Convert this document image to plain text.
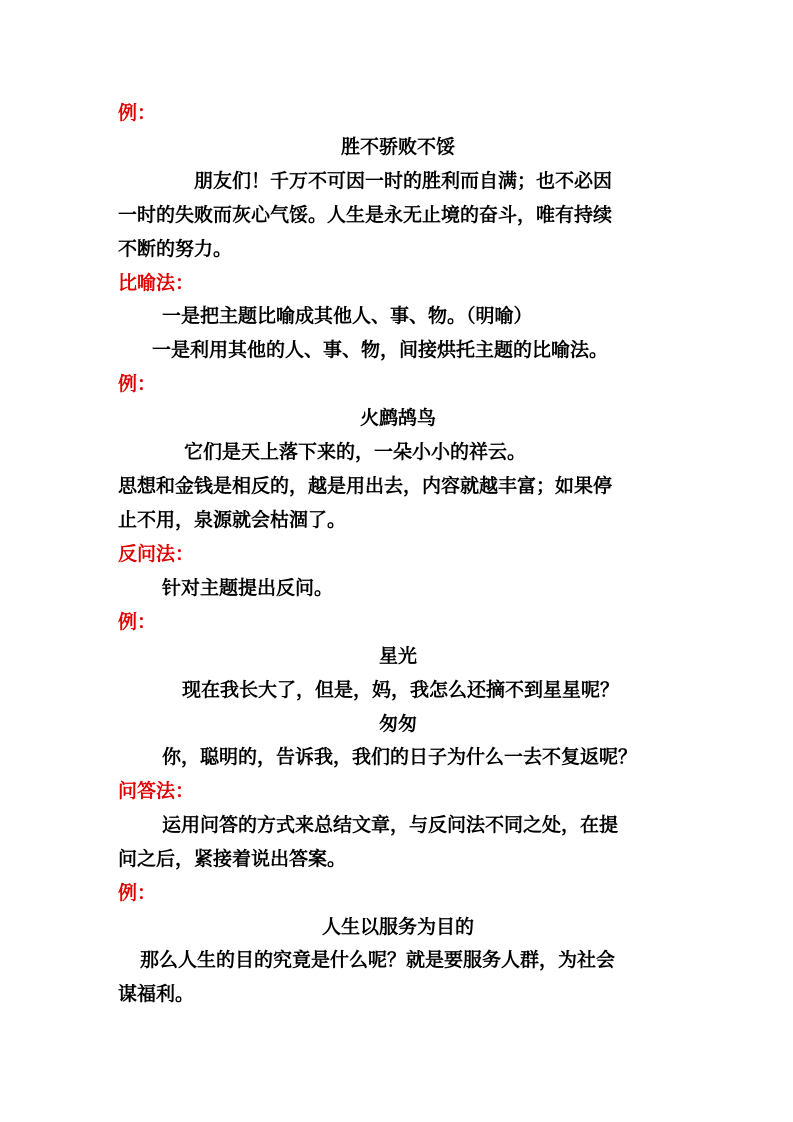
例：
胜不骄败不馁
朋友们！千万不可因一时的胜利而自满；也不必因
一时的失败而灰心气馁。人生是永无止境的奋斗，唯有持续
不断的努力。
比喻法：
一是把主题比喻成其他人、事、物。（明喻）
一是利用其他的人、事、物，间接烘托主题的比喻法。
例：
火鹧鸪鸟
它们是天上落下来的，一朵小小的祥云。
思想和金钱是相反的，越是用出去，内容就越丰富；如果停
止不用，泉源就会枯涸了。
反问法：
针对主题提出反问。
例：
星光
现在我长大了，但是，妈，我怎么还摘不到星星呢？
匆匆
你，聪明的，告诉我，我们的日子为什么一去不复返呢？
问答法：
运用问答的方式来总结文章，与反问法不同之处，在提
问之后，紧接着说出答案。
例：
人生以服务为目的
那么人生的目的究竟是什么呢？就是要服务人群，为社会
谋福利。
